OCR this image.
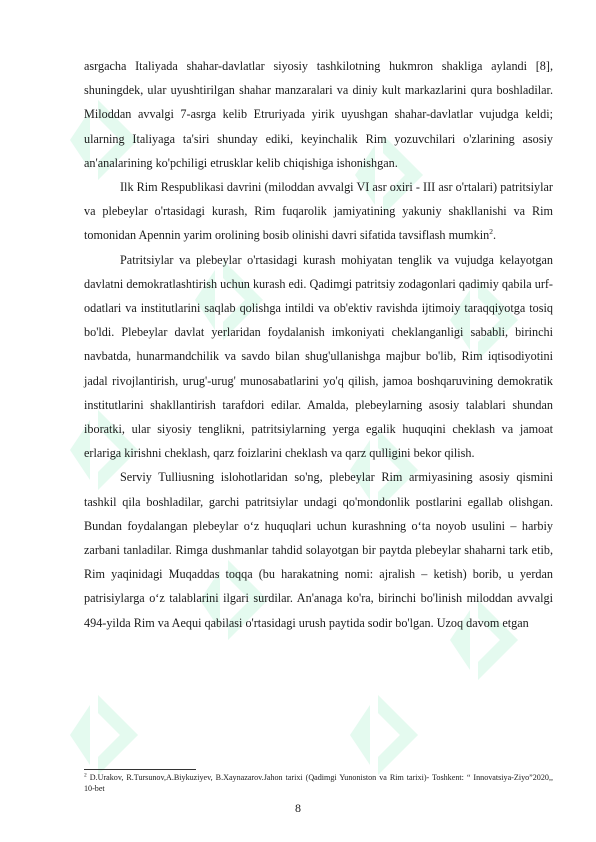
asrgacha Italiyada shahar-davlatlar siyosiy tashkilotning hukmron shakliga aylandi [8], shuningdek, ular uyushtirilgan shahar manzaralari va diniy kult markazlarini qura boshladilar. Miloddan avvalgi 7-asrga kelib Etruriyada yirik uyushgan shahar-davlatlar vujudga keldi; ularning Italiyaga ta'siri shunday ediki, keyinchalik Rim yozuvchilari o'zlarining asosiy an'analarining ko'pchiligi etrusklar kelib chiqishiga ishonishgan.

Ilk Rim Respublikasi davrini (miloddan avvalgi VI asr oxiri - III asr o'rtalari) patritsiylar va plebeylar o'rtasidagi kurash, Rim fuqarolik jamiyatining yakuniy shakllanishi va Rim tomonidan Apennin yarim orolining bosib olinishi davri sifatida tavsiflash mumkin$^2$.

Patritsiylar va plebeylar o'rtasidagi kurash mohiyatan tenglik va vujudga kelayotgan davlatni demokratlashtirish uchun kurash edi. Qadimgi patritsiy zodagonlari qadimiy qabila urf-odatlari va institutlarini saqlab qolishga intildi va ob'ektiv ravishda ijtimoiy taraqqiyotga tosiq bo'ldi. Plebeylar davlat yerlaridan foydalanish imkoniyati cheklanganligi sababli, birinchi navbatda, hunarmandchilik va savdo bilan shug'ullanishga majbur bo'lib, Rim iqtisodiyotini jadal rivojlantirish, urug'-urug' munosabatlarini yo'q qilish, jamoa boshqaruvining demokratik institutlarini shakllantirish tarafdori edilar. Amalda, plebeylarning asosiy talablari shundan iboratki, ular siyosiy tenglikni, patritsiylarning yerga egalik huquqini cheklash va jamoat erlariga kirishni cheklash, qarz foizlarini cheklash va qarz qulligini bekor qilish.

Serviy Tulliusning islohotlaridan so'ng, plebeylar Rim armiyasining asosiy qismini tashkil qila boshladilar, garchi patritsiylar undagi qo'mondonlik postlarini egallab olishgan. Bundan foydalangan plebeylar o‘z huquqlari uchun kurashning o‘ta noyob usulini – harbiy zarbani tanladilar. Rimga dushmanlar tahdid solayotgan bir paytda plebeylar shaharni tark etib, Rim yaqinidagi Muqaddas toqqa (bu harakatning nomi: ajralish – ketish) borib, u yerdan patrisiylarga o‘z talablarini ilgari surdilar. An'anaga ko'ra, birinchi bo'linish miloddan avvalgi 494-yilda Rim va Aequi qabilasi o'rtasidagi urush paytida sodir bo'lgan. Uzoq davom etgan

$^2$ D.Urakov, R.Tursunov,A.Biykuziyev, B.Xaynazarov.Jahon tarixi (Qadimgi Yunoniston va Rim tarixi)- Toshkent: “ Innovatsiya-Ziyo”2020,, 10-bet
8
